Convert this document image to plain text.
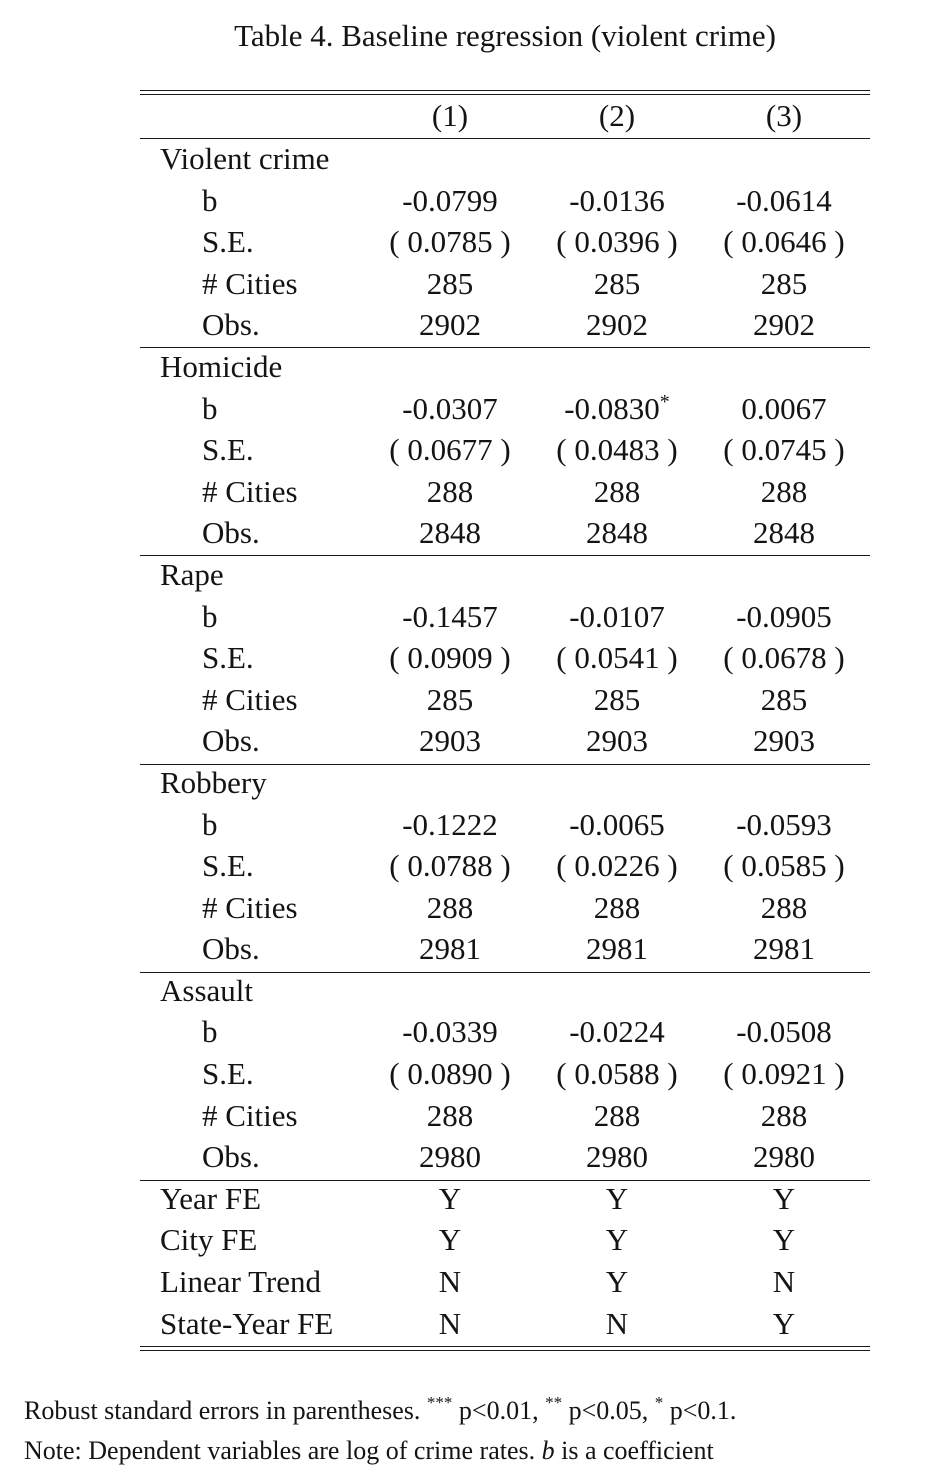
Table 4. Baseline regression (violent crime)
(1)	(2)	(3)
Violent crime
b	-0.0799	-0.0136	-0.0614
S.E.	( 0.0785 )	( 0.0396 )	( 0.0646 )
# Cities	285	285	285
Obs.	2902	2902	2902
Homicide
b	-0.0307	-0.0830*	0.0067
S.E.	( 0.0677 )	( 0.0483 )	( 0.0745 )
# Cities	288	288	288
Obs.	2848	2848	2848
Rape
b	-0.1457	-0.0107	-0.0905
S.E.	( 0.0909 )	( 0.0541 )	( 0.0678 )
# Cities	285	285	285
Obs.	2903	2903	2903
Robbery
b	-0.1222	-0.0065	-0.0593
S.E.	( 0.0788 )	( 0.0226 )	( 0.0585 )
# Cities	288	288	288
Obs.	2981	2981	2981
Assault
b	-0.0339	-0.0224	-0.0508
S.E.	( 0.0890 )	( 0.0588 )	( 0.0921 )
# Cities	288	288	288
Obs.	2980	2980	2980
Year FE	Y	Y	Y
City FE	Y	Y	Y
Linear Trend	N	Y	N
State-Year FE	N	N	Y
Robust standard errors in parentheses. *** p<0.01, ** p<0.05, * p<0.1.
Note: Dependent variables are log of crime rates. b is a coefficient
